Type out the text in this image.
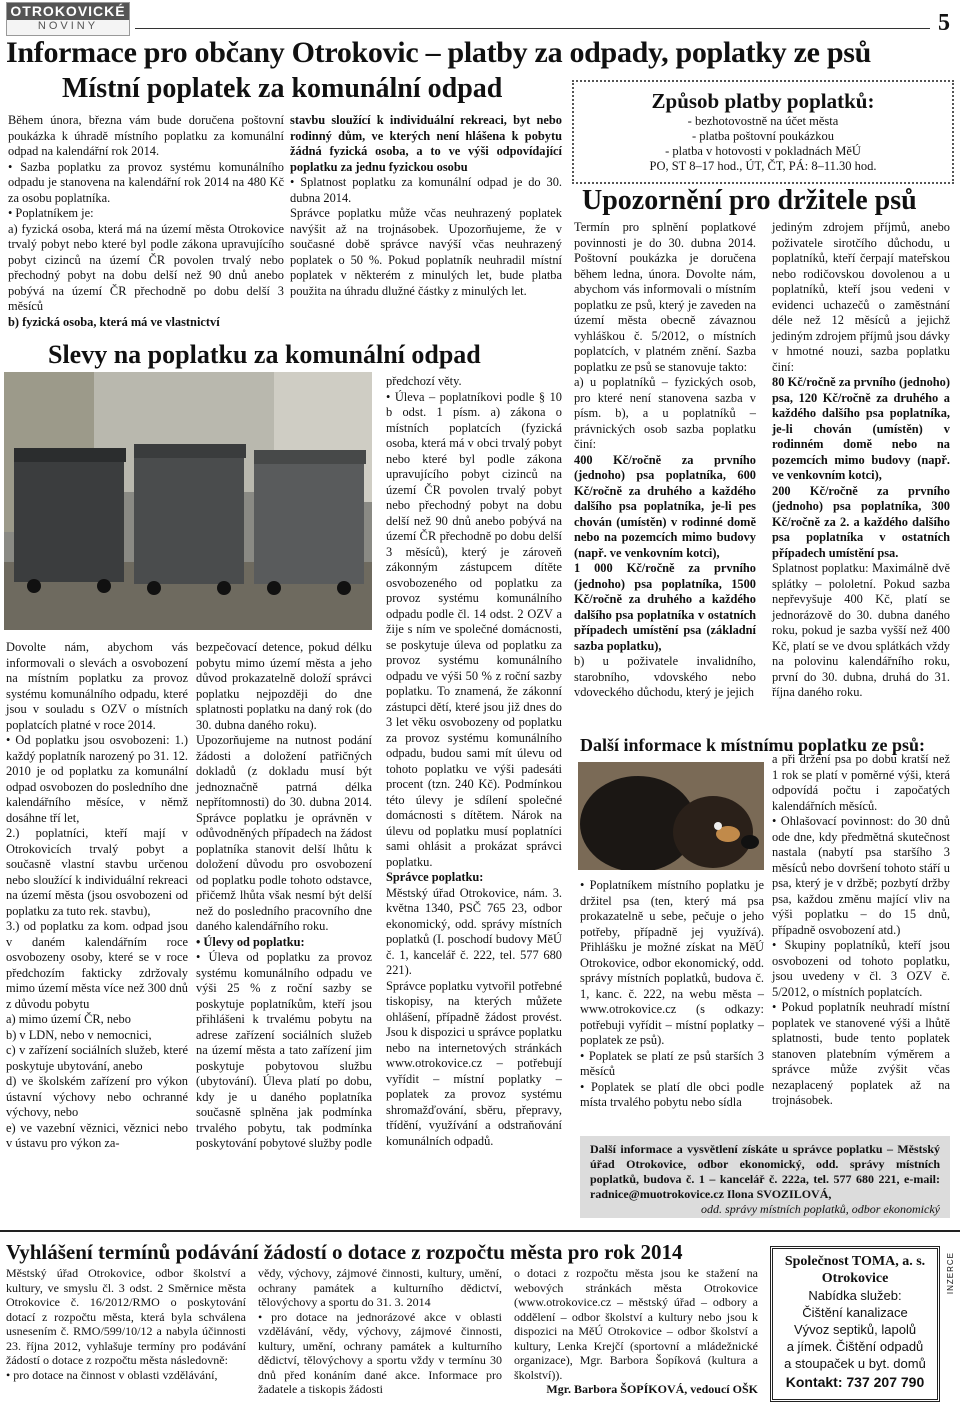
OTROKOVICKÉ
NOVINY	5
Informace pro občany Otrokovic – platby za odpady, poplatky ze psů
Místní poplatek za komunální odpad

Během února, března vám bude doručena poštovní poukázka k úhradě místního poplatku za komunální odpad na kalendářní rok 2014.

• Sazba poplatku za provoz systému komunálního odpadu je stanovena na kalendářní rok 2014 na 480 Kč za osobu poplatníka.

• Poplatníkem je:

a) fyzická osoba, která má na území města Otrokovice trvalý pobyt nebo které byl podle zákona upravujícího pobyt cizinců na území ČR povolen trvalý nebo přechodný pobyt na dobu delší než 90 dnů anebo pobývá na území ČR přechodně po dobu delší 3 měsíců

b) fyzická osoba, která má ve vlastnictví

stavbu sloužící k individuální rekreaci, byt nebo rodinný dům, ve kterých není hlášena k pobytu žádná fyzická osoba, a to ve výši odpovídající poplatku za jednu fyzickou osobu

• Splatnost poplatku za komunální odpad je do 30. dubna 2014.

Správce poplatku může včas neuhrazený poplatek navýšit až na trojnásobek. Upozorňujeme, že v současné době správce navýší včas neuhrazený poplatek o 50 %. Pokud poplatník neuhradil místní poplatek v některém z minulých let, bude platba použita na úhradu dlužné částky z minulých let.

Způsob platby poplatků:
- bezhotovostně na účet města
- platba poštovní poukázkou
- platba v hotovosti v pokladnách MěÚ
PO, ST 8–17 hod., ÚT, ČT, PÁ: 8–11.30 hod.
Slevy na poplatku za komunální odpad

Dovolte nám, abychom vás informovali o slevách a osvobození na místním poplatku za provoz systému komunálního odpadu, které jsou v souladu s OZV o místních poplatcích platné v roce 2014.

• Od poplatku jsou osvobozeni: 1.) každý poplatník narozený po 31. 12. 2010 je od poplatku za komunální odpad osvobozen do posledního dne kalendářního měsíce, v němž dosáhne tří let,

2.) poplatníci, kteří mají v Otrokovicích trvalý pobyt a současně vlastní stavbu určenou nebo sloužící k individuální rekreaci na území města (jsou osvobozeni od poplatku za tuto rek. stavbu),

3.) od poplatku za kom. odpad jsou v daném kalendářním roce osvobozeny osoby, které se v roce předchozím fakticky zdržovaly mimo území města více než 300 dnů z důvodu pobytu

a) mimo území ČR, nebo

b) v LDN, nebo v nemocnici,

c) v zařízení sociálních služeb, které poskytuje ubytování, anebo

d) ve školském zařízení pro výkon ústavní výchovy nebo ochranné výchovy, nebo

e) ve vazební věznici, věznici nebo v ústavu pro výkon za-

bezpečovací detence, pokud délku pobytu mimo území města a jeho důvod prokazatelně doloží správci poplatku nejpozději do dne splatnosti poplatku na daný rok (do 30. dubna daného roku).

Upozorňujeme na nutnost podání žádosti a doložení patřičných dokladů (z dokladu musí být jednoznačně patrná délka nepřítomnosti) do 30. dubna 2014. Správce poplatku je oprávněn v odůvodněných případech na žádost poplatníka stanovit delší lhůtu k doložení důvodu pro osvobození od poplatku podle tohoto odstavce, přičemž lhůta však nesmí být delší než do posledního pracovního dne daného kalendářního roku.

• Úlevy od poplatku:

• Úleva od poplatku za provoz systému komunálního odpadu ve výši 25 % z roční sazby se poskytuje poplatníkům, kteří jsou přihlášeni k trvalému pobytu na adrese zařízení sociálních služeb na území města a tato zařízení jim poskytuje pobytovou službu (ubytování). Úleva platí po dobu, kdy je u daného poplatníka současně splněna jak podmínka trvalého pobytu, tak podmínka poskytování pobytové služby podle

předchozí věty.

• Úleva – poplatníkovi podle § 10 b odst. 1 písm. a) zákona o místních poplatcích (fyzická osoba, která má v obci trvalý pobyt nebo které byl podle zákona upravujícího pobyt cizinců na území ČR povolen trvalý pobyt nebo přechodný pobyt na dobu delší než 90 dnů anebo pobývá na území ČR přechodně po dobu delší 3 měsíců), který je zároveň zákonným zástupcem dítěte osvobozeného od poplatku za provoz systému komunálního odpadu podle čl. 14 odst. 2 OZV a žije s ním ve společné domácnosti, se poskytuje úleva od poplatku za provoz systému komunálního odpadu ve výši 50 % z roční sazby poplatku. To znamená, že zákonní zástupci dětí, které jsou již dnes do 3 let věku osvobozeny od poplatku za provoz systému komunálního odpadu, budou sami mít úlevu od tohoto poplatku ve výši padesáti procent (tzn. 240 Kč). Podmínkou této úlevy je sdílení společné domácnosti s dítětem. Nárok na úlevu od poplatku musí poplatníci sami ohlásit a prokázat správci poplatku.

Správce poplatku:

Městský úřad Otrokovice, nám. 3. května 1340, PSČ 765 23, odbor ekonomický, odd. správy místních poplatků (I. poschodí budovy MěÚ č. 1, kancelář č. 222, tel. 577 680 221).

Správce poplatku vytvořil potřebné tiskopisy, na kterých můžete ohlášení, případně žádost provést. Jsou k dispozici u správce poplatku nebo na internetových stránkách www.otrokovice.cz – potřebují vyřídit – místní poplatky – poplatek za provoz systému shromažďování, sběru, přepravy, třídění, využívání a odstraňování komunálních odpadů.

Upozornění pro držitele psů

Termín pro splnění poplatkové povinnosti je do 30. dubna 2014. Poštovní poukázka je doručena během ledna, února. Dovolte nám, abychom vás informovali o místním poplatku ze psů, který je zaveden na území města obecně závaznou vyhláškou č. 5/2012, o místních poplatcích, v platném znění. Sazba poplatku ze psů se stanovuje takto:

a) u poplatníků – fyzických osob, pro které není stanovena sazba v písm. b), a u poplatníků – právnických osob sazba poplatku činí:

400 Kč/ročně za prvního (jednoho) psa poplatníka, 600 Kč/ročně za druhého a každého dalšího psa poplatníka, je-li pes chován (umístěn) v rodinné domě nebo na pozemcích mimo budovy (např. ve venkovním kotci),

1 000 Kč/ročně za prvního (jednoho) psa poplatníka, 1500 Kč/ročně za druhého a každého dalšího psa poplatníka v ostatních případech umístění psa (základní sazba poplatku),

b) u poživatele invalidního, starobního, vdovského nebo vdoveckého důchodu, který je jejich

jediným zdrojem příjmů, anebo poživatele sirotčího důchodu, u poplatníků, kteří čerpají mateřskou nebo rodičovskou dovolenou a u poplatníků, kteří jsou vedeni v evidenci uchazečů o zaměstnání déle než 12 měsíců a jejichž jediným zdrojem příjmů jsou dávky v hmotné nouzi, sazba poplatku činí:

80 Kč/ročně za prvního (jednoho) psa, 120 Kč/ročně za druhého a každého dalšího psa poplatníka, je-li chován (umístěn) v rodinném domě nebo na pozemcích mimo budovy (např. ve venkovním kotci),

200 Kč/ročně za prvního (jednoho) psa poplatníka, 300 Kč/ročně za 2. a každého dalšího psa poplatníka v ostatních případech umístění psa.

Splatnost poplatku: Maximálně dvě splátky – pololetní. Pokud sazba nepřevyšuje 400 Kč, platí se jednorázově do 30. dubna daného roku, pokud je sazba vyšší než 400 Kč, platí se ve dvou splátkách vždy na polovinu kalendářního roku, první do 30. dubna, druhá do 31. října daného roku.

Další informace k místnímu poplatku ze psů:

a při držení psa po dobu kratší než 1 rok se platí v poměrné výši, která odpovídá počtu i započatých kalendářních měsíců.

• Ohlašovací povinnost: do 30 dnů ode dne, kdy předmětná skutečnost nastala (nabytí psa staršího 3 měsíců nebo dovršení tohoto stáří u psa, který je v držbě; pozbytí držby psa, každou změnu mající vliv na výši poplatku – do 15 dnů, případně osvobození atd.)

• Skupiny poplatníků, kteří jsou osvobozeni od tohoto poplatku, jsou uvedeny v čl. 3 OZV č. 5/2012, o místních poplatcích.

• Pokud poplatník neuhradí místní poplatek ve stanovené výši a lhůtě splatnosti, bude tento poplatek stanoven platebním výměrem a správce může zvýšit včas nezaplacený poplatek až na trojnásobek.

• Poplatníkem místního poplatku je držitel psa (ten, který má psa prokazatelně u sebe, pečuje o jeho potřeby, případně jej využívá). Přihlášku je možné získat na MěÚ Otrokovice, odbor ekonomický, odd. správy místních poplatků, budova č. 1, kanc. č. 222, na webu města – www.otrokovice.cz (s odkazy: potřebuji vyřídit – místní poplatky – poplatek ze psů).

• Poplatek se platí ze psů starších 3 měsíců

• Poplatek se platí dle obci podle místa trvalého pobytu nebo sídla

Další informace a vysvětlení získáte u správce poplatku – Městský úřad Otrokovice, odbor ekonomický, odd. správy místních poplatků, budova č. 1 – kancelář č. 222a, tel. 577 680 221, e-mail: radnice@muotrokovice.cz Ilona SVOZILOVÁ,
odd. správy místních poplatků, odbor ekonomický
Vyhlášení termínů podávání žádostí o dotace z rozpočtu města pro rok 2014

Městský úřad Otrokovice, odbor školství a kultury, ve smyslu čl. 3 odst. 2 Směrnice města Otrokovice č. 16/2012/RMO o poskytování dotací z rozpočtu města, která byla schválena usnesením č. RMO/599/10/12 a nabyla účinnosti 23. října 2012, vyhlašuje termíny pro podávání žádostí o dotace z rozpočtu města následovně:

• pro dotace na činnost v oblasti vzdělávání,

vědy, výchovy, zájmové činnosti, kultury, umění, ochrany památek a kulturního dědictví, tělovýchovy a sportu do 31. 3. 2014

• pro dotace na jednorázové akce v oblasti vzdělávání, vědy, výchovy, zájmové činnosti, kultury, umění, ochrany památek a kulturního dědictví, tělovýchovy a sportu vždy v termínu 30 dnů před konáním dané akce. Informace pro žadatele a tiskopis žádosti

o dotaci z rozpočtu města jsou ke stažení na webových stránkách města Otrokovice (www.otrokovice.cz – městský úřad – odbory a oddělení – odbor školství a kultury nebo jsou k dispozici na MěÚ Otrokovice – odbor školství a kultury, Lenka Krejčí (sportovní a mládežnické organizace), Mgr. Barbora Šopíková (kultura a školství)).

Mgr. Barbora ŠOPÍKOVÁ, vedoucí OŠK

Společnost TOMA, a. s. Otrokovice
Nabídka služeb:
Čištění kanalizace
Vývoz septiků, lapolů
a jímek. Čištění odpadů
a stoupaček u byt. domů
Kontakt: 737 207 790
INZERCE
